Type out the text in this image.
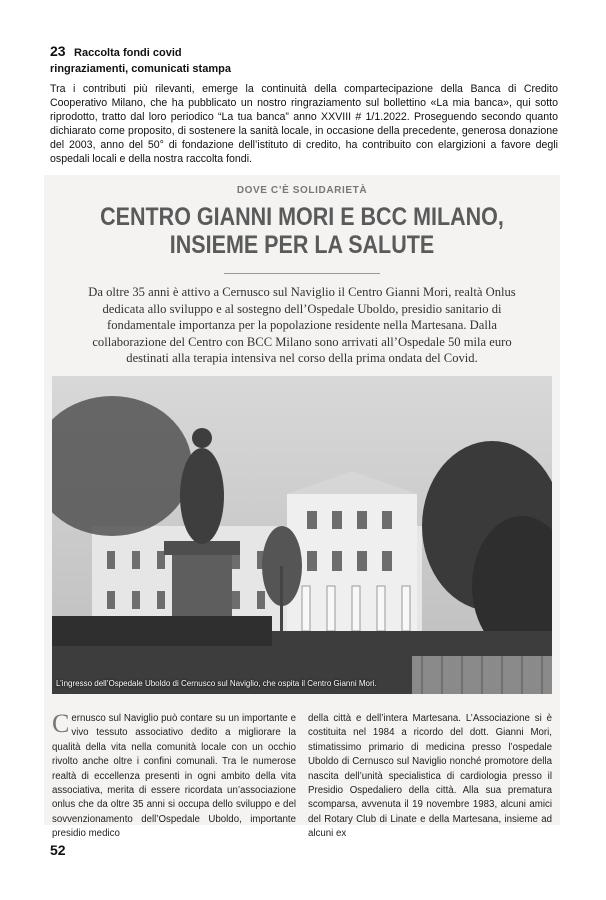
23 Raccolta fondi covid
ringraziamenti, comunicati stampa

Tra i contributi più rilevanti, emerge la continuità della compartecipazione della Banca di Credito Cooperativo Milano, che ha pubblicato un nostro ringraziamento sul bollettino «La mia banca», qui sotto riprodotto, tratto dal loro periodico “La tua banca” anno XXVIII # 1/1.2022. Proseguendo secondo quanto dichiarato come proposito, di sostenere la sanità locale, in occasione della precedente, generosa donazione del 2003, anno del 50° di fondazione dell’istituto di credito, ha contribuito con elargizioni a favore degli ospedali locali e della nostra raccolta fondi.

DOVE C’È SOLIDARIETÀ
CENTRO GIANNI MORI E BCC MILANO,
INSIEME PER LA SALUTE
Da oltre 35 anni è attivo a Cernusco sul Naviglio il Centro Gianni Mori, realtà Onlus dedicata allo sviluppo e al sostegno dell’Ospedale Uboldo, presidio sanitario di fondamentale importanza per la popolazione residente nella Martesana. Dalla collaborazione del Centro con BCC Milano sono arrivati all’Ospedale 50 mila euro destinati alla terapia intensiva nel corso della prima ondata del Covid.
L’ingresso dell’Ospedale Uboldo di Cernusco sul Naviglio, che ospita il Centro Gianni Mori.
Cernusco sul Naviglio può contare su un importante e vivo tessuto associativo dedito a migliorare la qualità della vita nella comunità locale con un occhio rivolto anche oltre i confini comunali. Tra le numerose realtà di eccellenza presenti in ogni ambito della vita associativa, merita di essere ricordata un’associazione onlus che da oltre 35 anni si occupa dello sviluppo e del sovvenzionamento dell’Ospedale Uboldo, importante presidio medico
della città e dell’intera Martesana. L’Associazione si è costituita nel 1984 a ricordo del dott. Gianni Mori, stimatissimo primario di medicina presso l’ospedale Uboldo di Cernusco sul Naviglio nonché promotore della nascita dell’unità specialistica di cardiologia presso il Presidio Ospedaliero della città. Alla sua prematura scomparsa, avvenuta il 19 novembre 1983, alcuni amici del Rotary Club di Linate e della Martesana, insieme ad alcuni ex
52
